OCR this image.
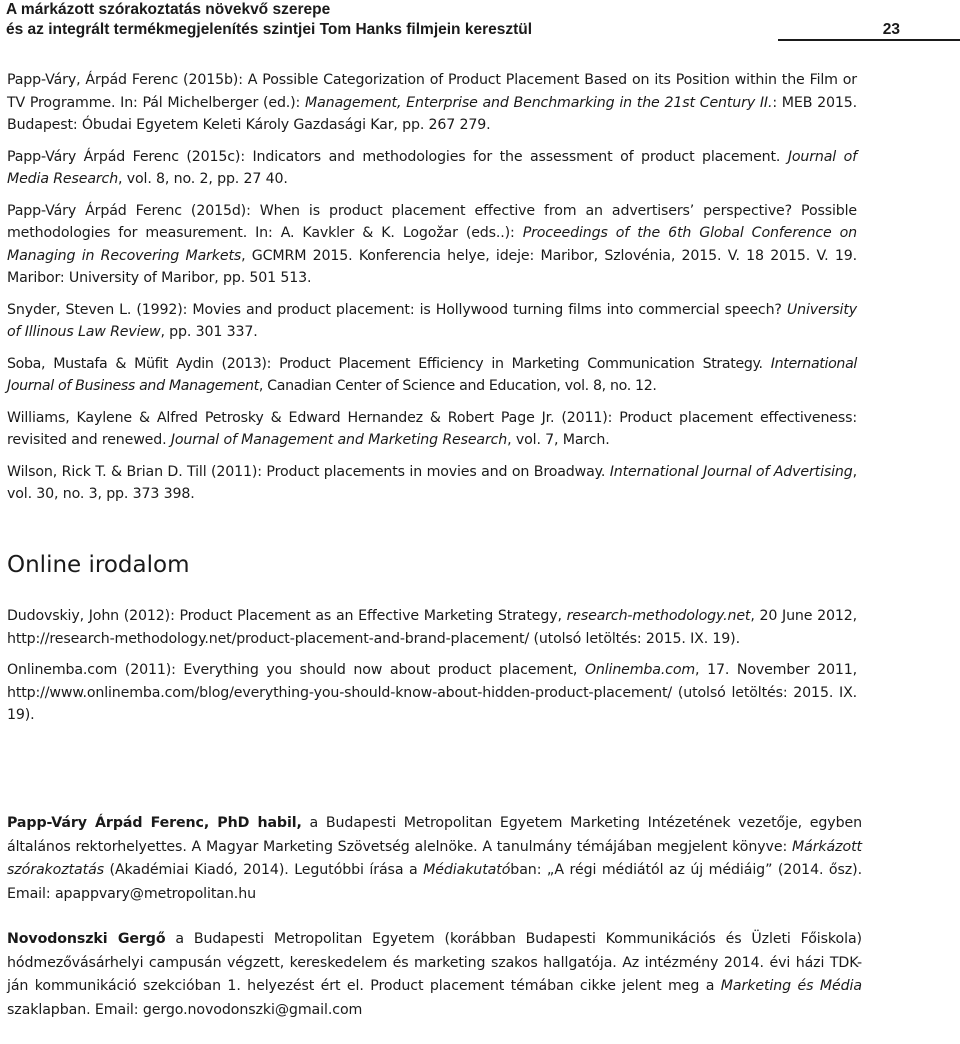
A márkázott szórakoztatás növekvő szerepe
és az integrált termékmegjelenítés szintjei Tom Hanks filmjein keresztül	23

Papp-Váry, Árpád Ferenc (2015b): A Possible Categorization of Product Placement Based on its Position within the Film or TV Programme. In: Pál Michelberger (ed.): Management, Enterprise and Benchmarking in the 21st Century II.: MEB 2015. Budapest: Óbudai Egyetem Keleti Károly Gazdasági Kar, pp. 267 279.

Papp-Váry Árpád Ferenc (2015c): Indicators and methodologies for the assessment of product placement. Journal of Media Research, vol. 8, no. 2, pp. 27 40.

Papp-Váry Árpád Ferenc (2015d): When is product placement effective from an advertisers’ perspective? Possible methodologies for measurement. In: A. Kavkler & K. Logožar (eds..): Proceedings of the 6th Global Conference on Managing in Recovering Markets, GCMRM 2015. Konferencia helye, ideje: Maribor, Szlovénia, 2015. V. 18 2015. V. 19. Maribor: University of Maribor, pp. 501 513.

Snyder, Steven L. (1992): Movies and product placement: is Hollywood turning films into commercial speech? University of Illinous Law Review, pp. 301 337.

Soba, Mustafa & Müfit Aydin (2013): Product Placement Efficiency in Marketing Communication Strategy. International Journal of Business and Management, Canadian Center of Science and Education, vol. 8, no. 12.

Williams, Kaylene & Alfred Petrosky & Edward Hernandez & Robert Page Jr. (2011): Product placement effectiveness: revisited and renewed. Journal of Management and Marketing Research, vol. 7, March.

Wilson, Rick T. & Brian D. Till (2011): Product placements in movies and on Broadway. International Journal of Advertising, vol. 30, no. 3, pp. 373 398.

Online irodalom

Dudovskiy, John (2012): Product Placement as an Effective Marketing Strategy, research-methodology.net, 20 June 2012, http://research-methodology.net/product-placement-and-brand-placement/ (utolsó letöltés: 2015. IX. 19).

Onlinemba.com (2011): Everything you should now about product placement, Onlinemba.com, 17. November 2011, http://www.onlinemba.com/blog/everything-you-should-know-about-hidden-product-placement/ (utolsó letöltés: 2015. IX. 19).

Papp-Váry Árpád Ferenc, PhD habil, a Budapesti Metropolitan Egyetem Marketing Intézetének vezetője, egyben általános rektorhelyettes. A Magyar Marketing Szövetség alelnöke. A tanulmány témájában megjelent könyve: Márkázott szórakoztatás (Akadémiai Kiadó, 2014). Legutóbbi írása a Médiakutatóban: „A régi médiától az új médiáig” (2014. ősz). Email: apappvary@metropolitan.hu

Novodonszki Gergő a Budapesti Metropolitan Egyetem (korábban Budapesti Kommunikációs és Üzleti Főiskola) hódmezővásárhelyi campusán végzett, kereskedelem és marketing szakos hallgatója. Az intézmény 2014. évi házi TDK-ján kommunikáció szekcióban 1. helyezést ért el. Product placement témában cikke jelent meg a Marketing és Média szaklapban. Email: gergo.novodonszki@gmail.com
